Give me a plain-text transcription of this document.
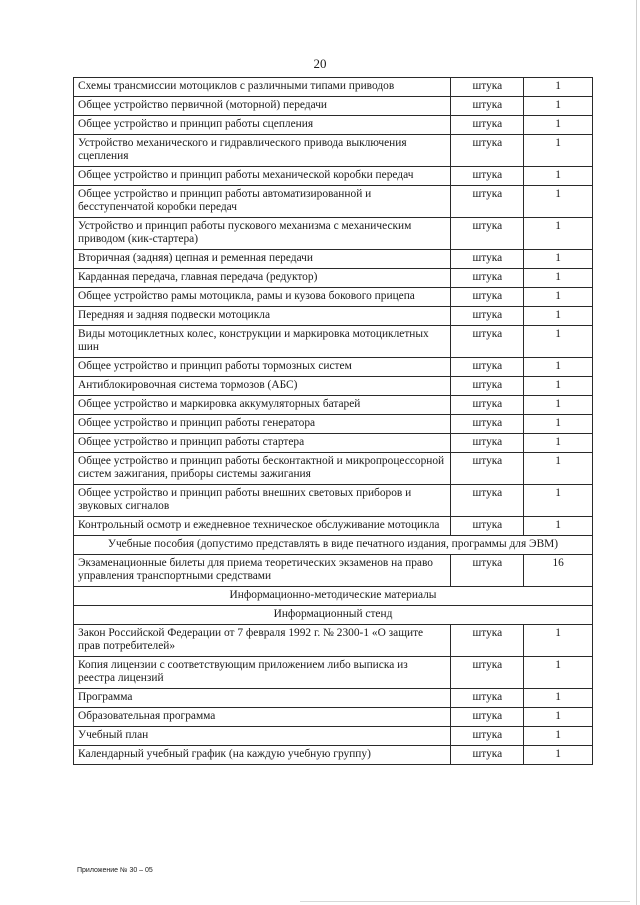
20
Схемы трансмиссии мотоциклов с различными типами приводов	штука	1
Общее устройство первичной (моторной) передачи	штука	1
Общее устройство и принцип работы сцепления	штука	1
Устройство механического и гидравлического привода выключения сцепления	штука	1
Общее устройство и принцип работы механической коробки передач	штука	1
Общее устройство и принцип работы автоматизированной и бесступенчатой коробки передач	штука	1
Устройство и принцип работы пускового механизма с механическим приводом (кик-стартера)	штука	1
Вторичная (задняя) цепная и ременная передачи	штука	1
Карданная передача, главная передача (редуктор)	штука	1
Общее устройство рамы мотоцикла, рамы и кузова бокового прицепа	штука	1
Передняя и задняя подвески мотоцикла	штука	1
Виды мотоциклетных колес, конструкции и маркировка мотоциклетных шин	штука	1
Общее устройство и принцип работы тормозных систем	штука	1
Антиблокировочная система тормозов (АБС)	штука	1
Общее устройство и маркировка аккумуляторных батарей	штука	1
Общее устройство и принцип работы генератора	штука	1
Общее устройство и принцип работы стартера	штука	1
Общее устройство и принцип работы бесконтактной и микропроцессорной систем зажигания, приборы системы зажигания	штука	1
Общее устройство и принцип работы внешних световых приборов и звуковых сигналов	штука	1
Контрольный осмотр и ежедневное техническое обслуживание мотоцикла	штука	1
Учебные пособия (допустимо представлять в виде печатного издания, программы для ЭВМ)		
Экзаменационные билеты для приема теоретических экзаменов на право управления транспортными средствами	штука	16
Информационно-методические материалы		
Информационный стенд		
Закон Российской Федерации от 7 февраля 1992 г. № 2300-1 «О защите прав потребителей»	штука	1
Копия лицензии с соответствующим приложением либо выписка из реестра лицензий	штука	1
Программа	штука	1
Образовательная программа	штука	1
Учебный план	штука	1
Календарный учебный график (на каждую учебную группу)	штука	1
Приложение № 30 – 05
